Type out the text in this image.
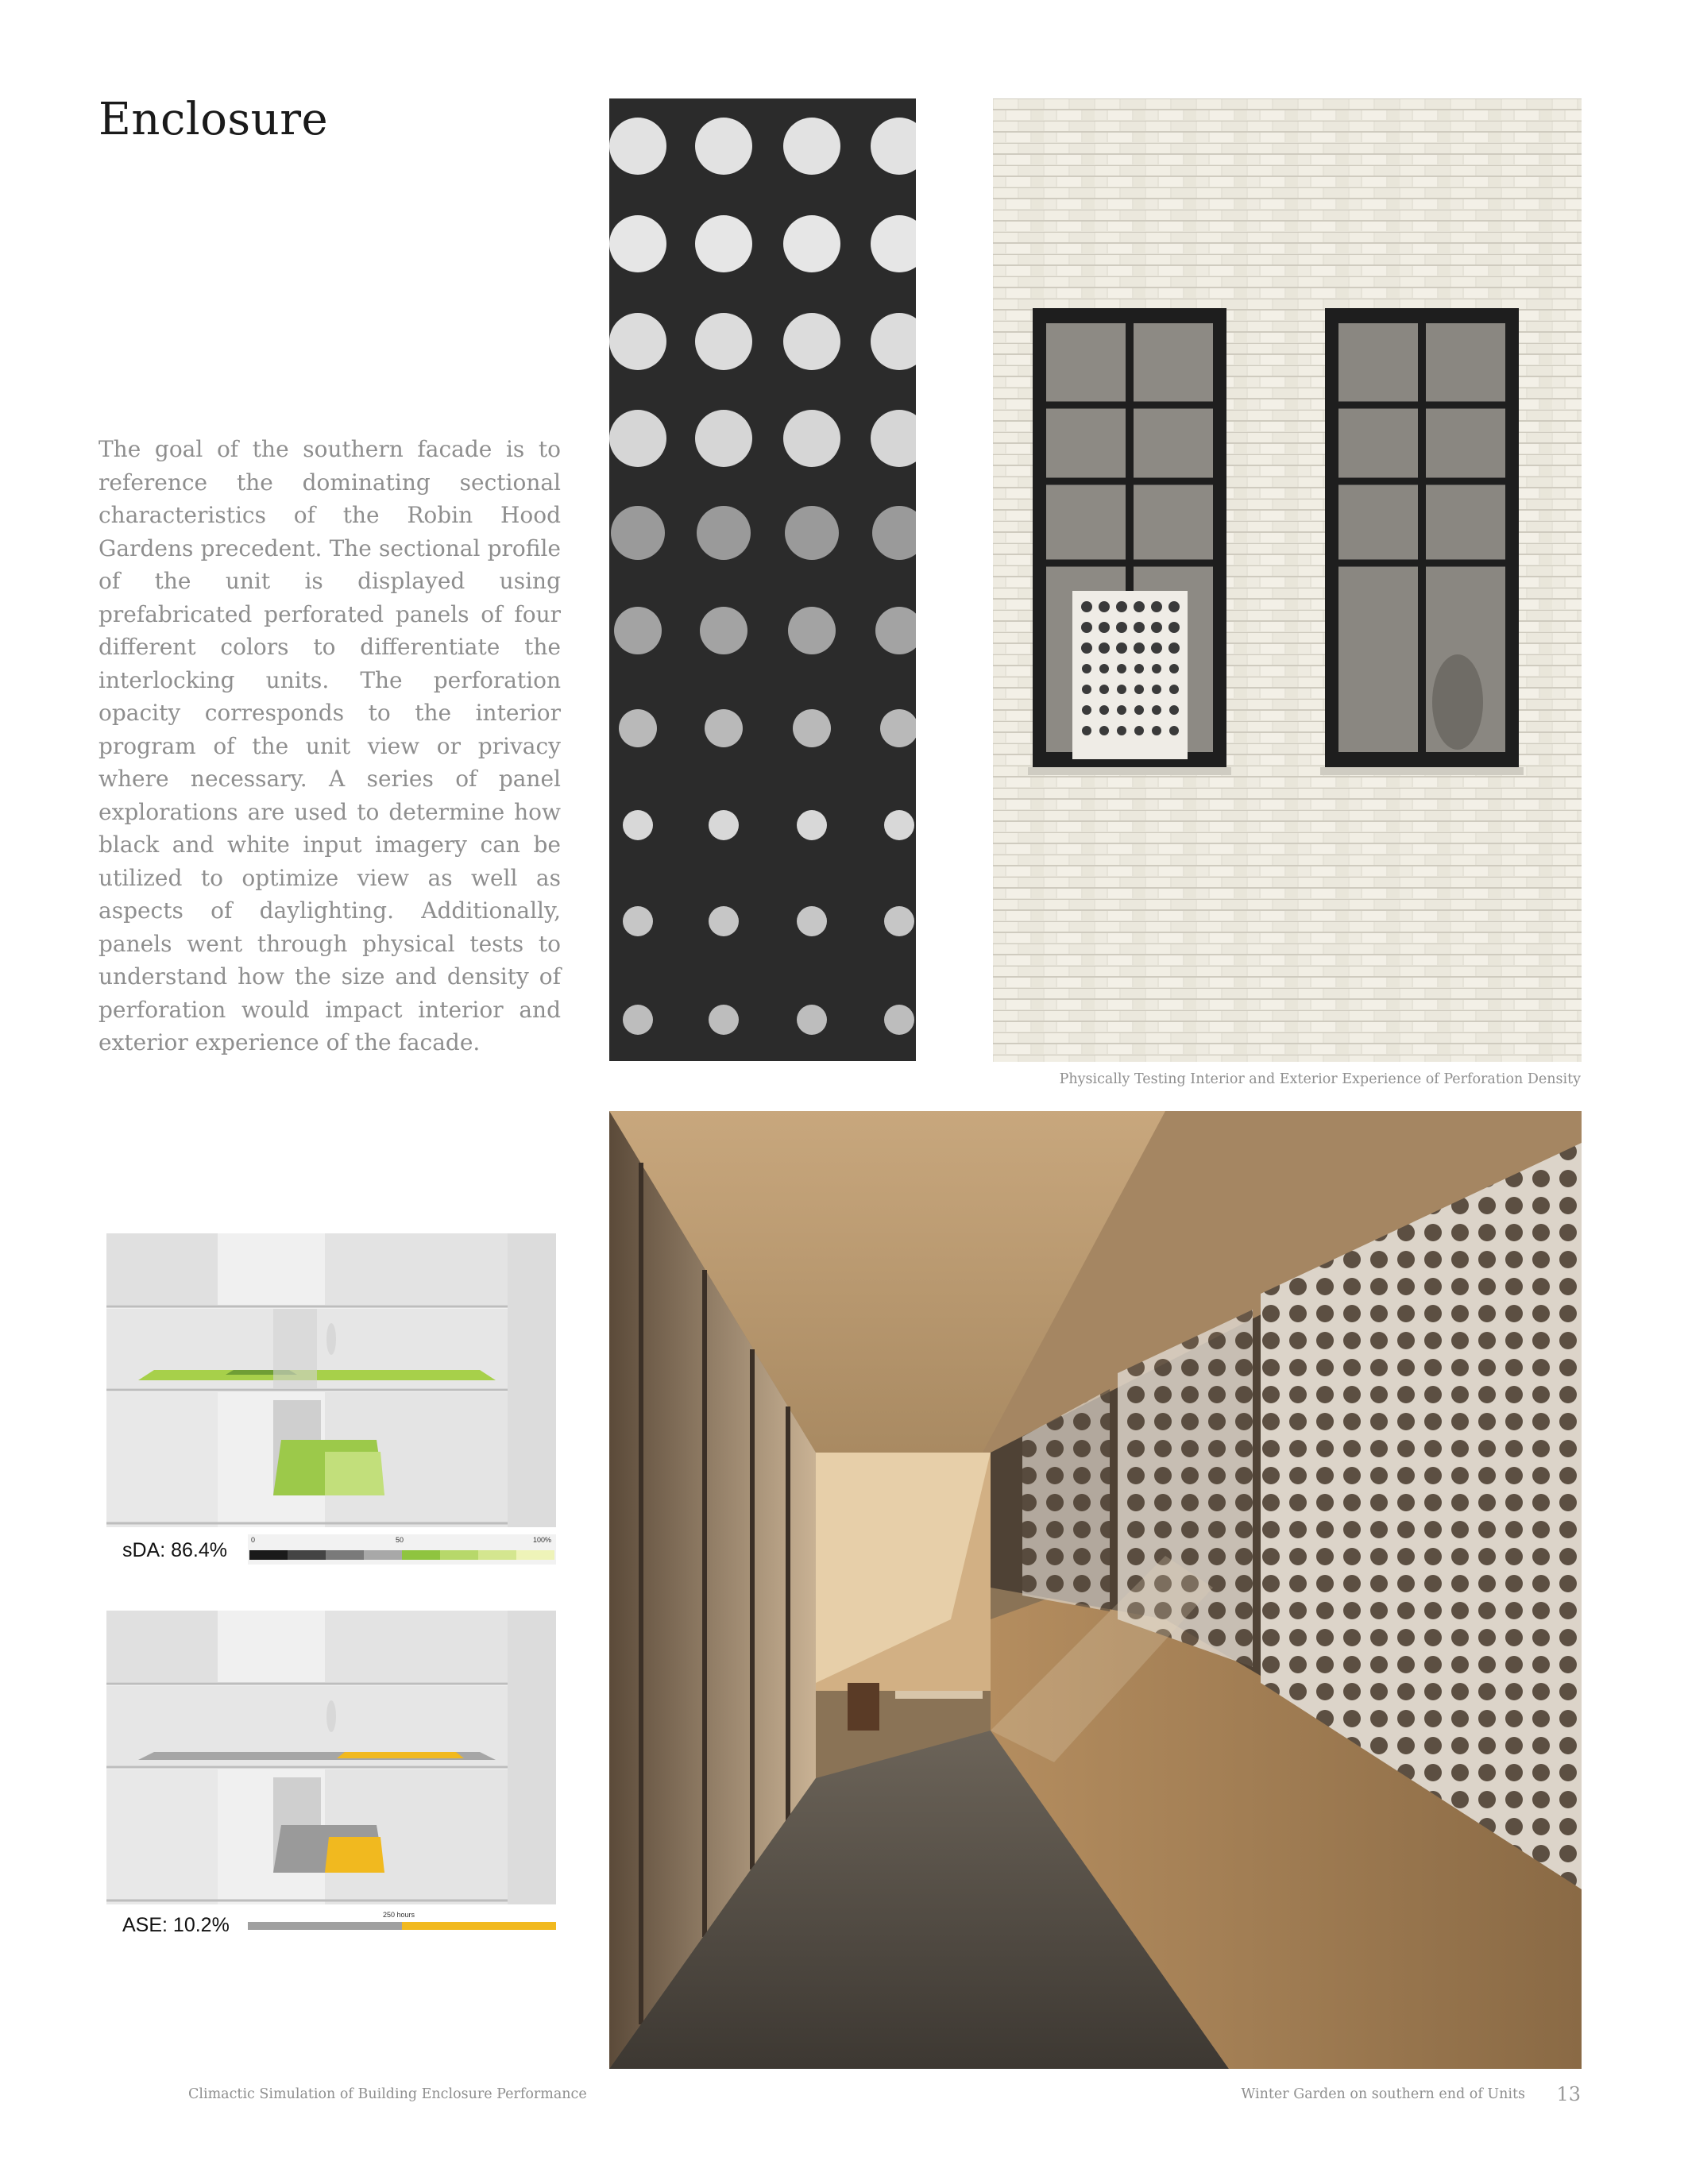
Enclosure
The goal of the southern facade is to reference the dominating sectional characteristics of the Robin Hood Gardens precedent. The sectional profile of the unit is displayed using prefabricated perforated panels of four different colors to differentiate the interlocking units. The perforation opacity corresponds to the interior program of the unit view or privacy where necessary. A series of panel explorations are used to determine how black and white input imagery can be utilized to optimize view as well as aspects of daylighting. Additionally, panels went through physical tests to understand how the size and density of perforation would impact interior and exterior experience of the facade.
Physically Testing Interior and Exterior Experience of Perforation Density
sDA: 86.4%	0	50	100%
ASE: 10.2%	250 hours
Climactic Simulation of Building Enclosure Performance	Winter Garden on southern end of Units 13
